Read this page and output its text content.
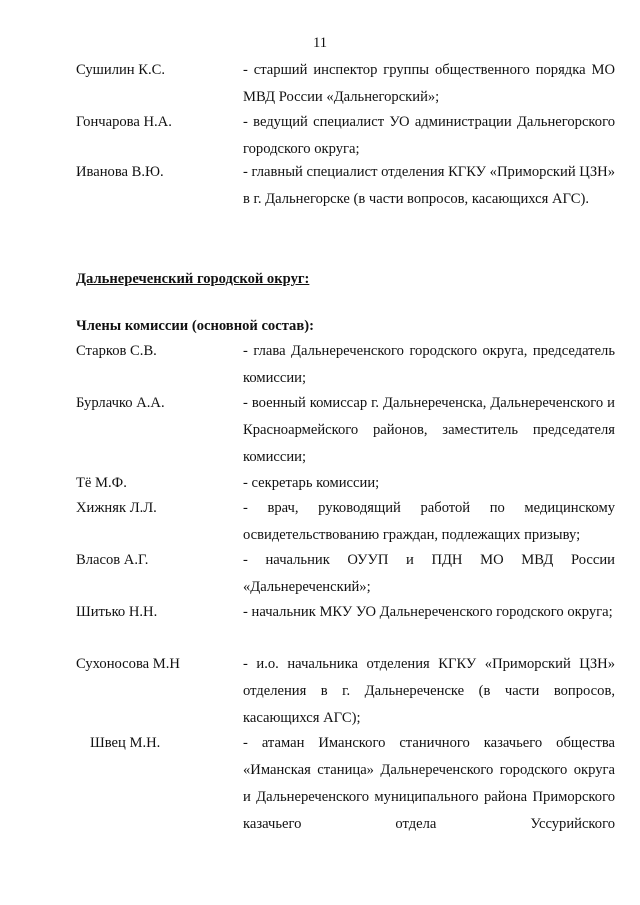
11
Сушилин К.С.	- старший инспектор группы общественного порядка МО МВД России «Дальнегорский»;
Гончарова Н.А.	- ведущий специалист УО администрации Дальнегорского городского округа;
Иванова В.Ю.	- главный специалист отделения КГКУ «Приморский ЦЗН» в г. Дальнегорске (в части вопросов, касающихся АГС).
Дальнереченский городской округ:
Члены комиссии (основной состав):
Старков С.В.	- глава Дальнереченского городского округа, председатель комиссии;
Бурлачко А.А.	- военный комиссар г. Дальнереченска, Дальнереченского и Красноармейского районов, заместитель председателя комиссии;
Тё М.Ф.	- секретарь комиссии;
Хижняк Л.Л.	- врач, руководящий работой по медицинскому освидетельствованию граждан, подлежащих призыву;
Власов А.Г.	- начальник ОУУП и ПДН МО МВД России «Дальнереченский»;
Шитько Н.Н.	- начальник МКУ УО Дальнереченского городского округа;
Сухоносова М.Н	- и.о. начальника отделения КГКУ «Приморский ЦЗН» отделения в г. Дальнереченске (в части вопросов, касающихся АГС);
Швец М.Н.	- атаман Иманского станичного казачьего общества «Иманская станица» Дальнереченского городского округа и Дальнереченского муниципального района Приморского казачьего отдела Уссурийского
